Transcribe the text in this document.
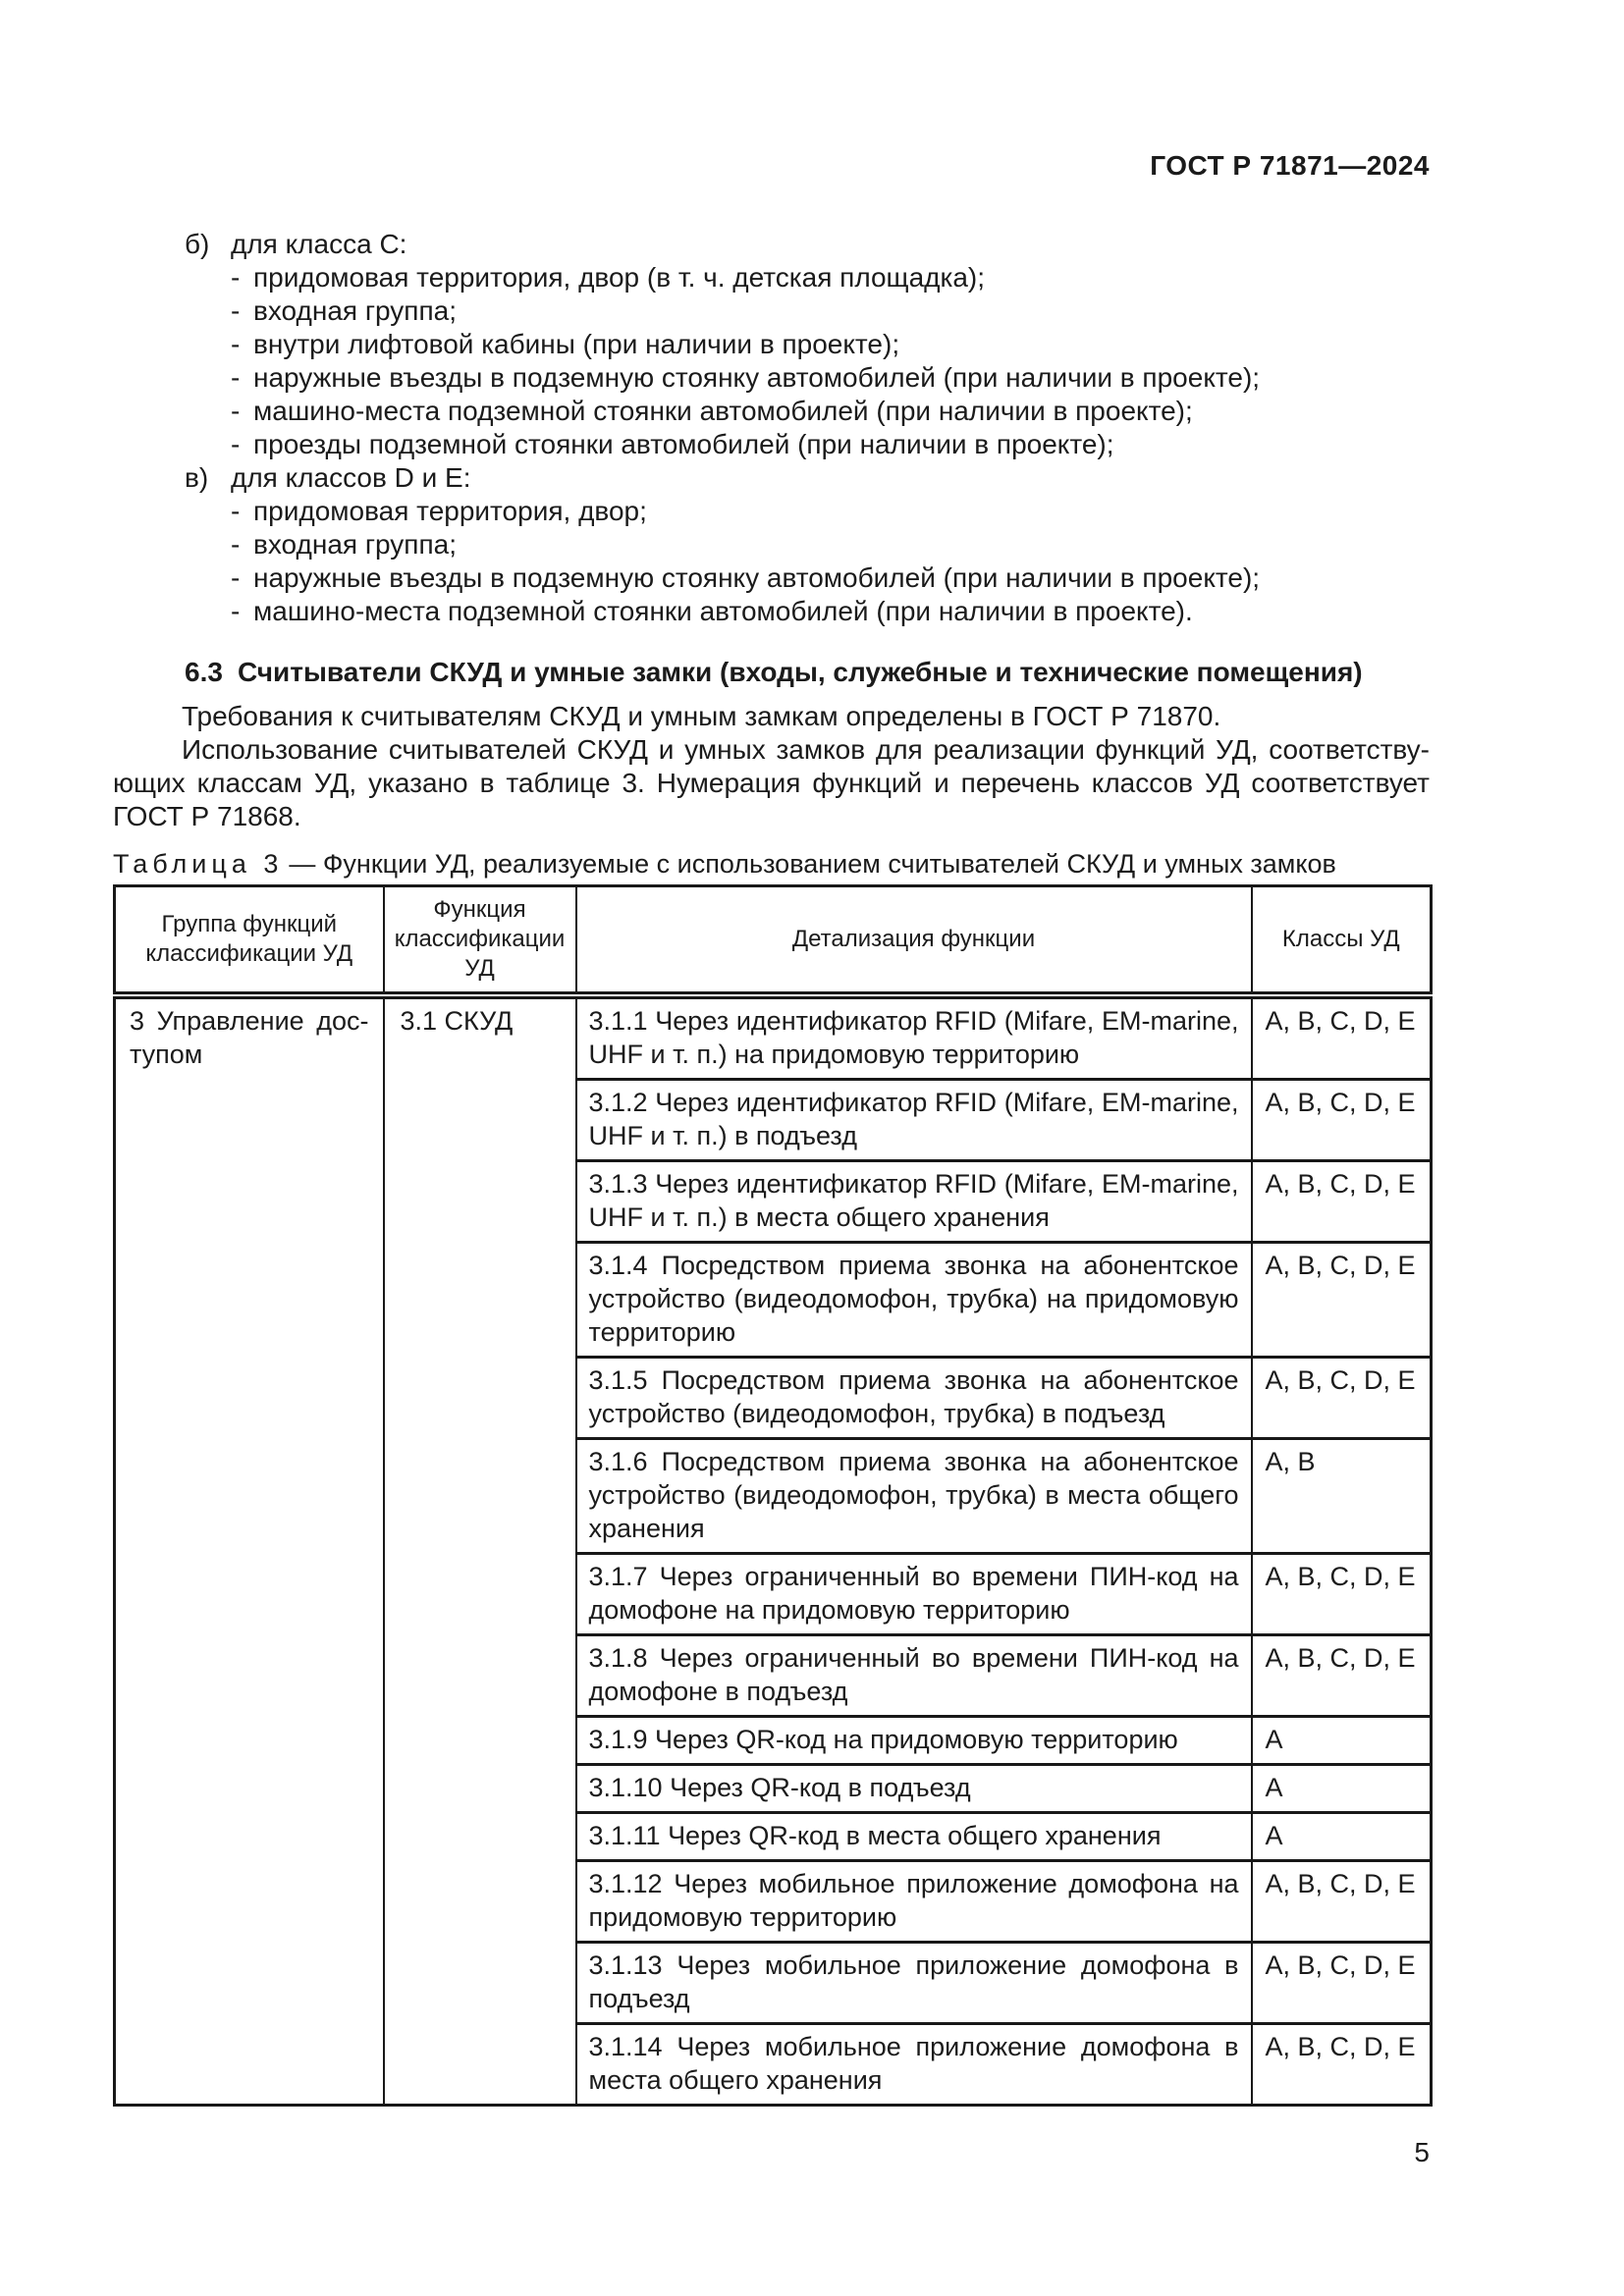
ГОСТ Р 71871—2024
б) для класса C:
- придомовая территория, двор (в т. ч. детская площадка);
- входная группа;
- внутри лифтовой кабины (при наличии в проекте);
- наружные въезды в подземную стоянку автомобилей (при наличии в проекте);
- машино-места подземной стоянки автомобилей (при наличии в проекте);
- проезды подземной стоянки автомобилей (при наличии в проекте);
в) для классов D и E:
- придомовая территория, двор;
- входная группа;
- наружные въезды в подземную стоянку автомобилей (при наличии в проекте);
- машино-места подземной стоянки автомобилей (при наличии в проекте).
6.3 Считыватели СКУД и умные замки (входы, служебные и технические помещения)
Требования к считывателям СКУД и умным замкам определены в ГОСТ Р 71870.
Использование считывателей СКУД и умных замков для реализации функций УД, соответствующих классам УД, указано в таблице 3. Нумерация функций и перечень классов УД соответствует ГОСТ Р 71868.
Таблица 3 — Функции УД, реализуемые с использованием считывателей СКУД и умных замков
Группа функций классификации УД	Функция классификации УД	Детализация функции	Классы УД
3 Управление доступом	3.1 СКУД	3.1.1 Через идентификатор RFID (Mifare, EM-marine, UHF и т. п.) на придомовую территорию	A, B, C, D, E
		3.1.2 Через идентификатор RFID (Mifare, EM-marine, UHF и т. п.) в подъезд	A, B, C, D, E
		3.1.3 Через идентификатор RFID (Mifare, EM-marine, UHF и т. п.) в места общего хранения	A, B, C, D, E
		3.1.4 Посредством приема звонка на абонентское устройство (видеодомофон, трубка) на придомовую территорию	A, B, C, D, E
		3.1.5 Посредством приема звонка на абонентское устройство (видеодомофон, трубка) в подъезд	A, B, C, D, E
		3.1.6 Посредством приема звонка на абонентское устройство (видеодомофон, трубка) в места общего хранения	A, B
		3.1.7 Через ограниченный во времени ПИН-код на домофоне на придомовую территорию	A, B, C, D, E
		3.1.8 Через ограниченный во времени ПИН-код на домофоне в подъезд	A, B, C, D, E
		3.1.9 Через QR-код на придомовую территорию	A
		3.1.10 Через QR-код в подъезд	A
		3.1.11 Через QR-код в места общего хранения	A
		3.1.12 Через мобильное приложение домофона на придомовую территорию	A, B, C, D, E
		3.1.13 Через мобильное приложение домофона в подъезд	A, B, C, D, E
		3.1.14 Через мобильное приложение домофона в места общего хранения	A, B, C, D, E
5
